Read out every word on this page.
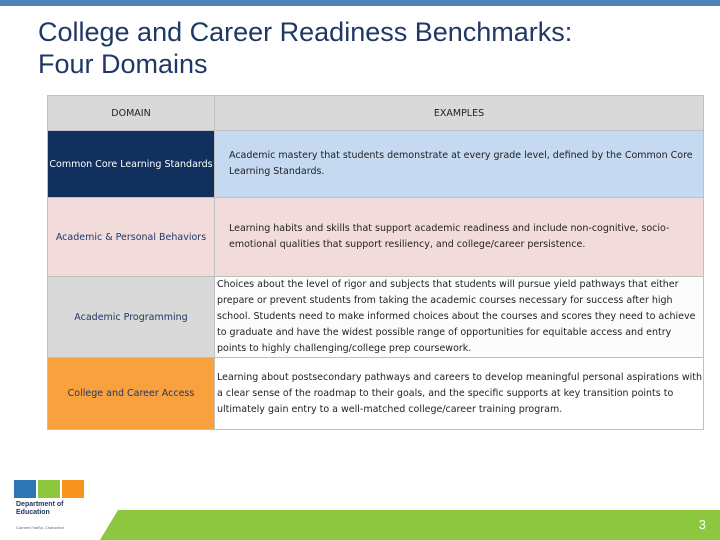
College and Career Readiness Benchmarks:
Four Domains
DOMAIN	EXAMPLES
Common Core Learning Standards	Academic mastery that students demonstrate at every grade level, defined by the Common Core Learning Standards.
Academic & Personal Behaviors	Learning habits and skills that support academic readiness and include non-cognitive, socio-emotional qualities that support resiliency, and college/career persistence.
Academic Programming	Choices about the level of rigor and subjects that students will pursue yield pathways that either prepare or prevent students from taking the academic courses necessary for success after high school. Students need to make informed choices about the courses and scores they need to achieve to graduate and have the widest possible range of opportunities for equitable access and entry points to highly challenging/college prep coursework.
College and Career Access	Learning about postsecondary pathways and careers to develop meaningful personal aspirations with a clear sense of the roadmap to their goals, and the specific supports at key transition points to ultimately gain entry to a well-matched college/career training program.
3
Department of
Education
Carmen Fariña, Chancellor
